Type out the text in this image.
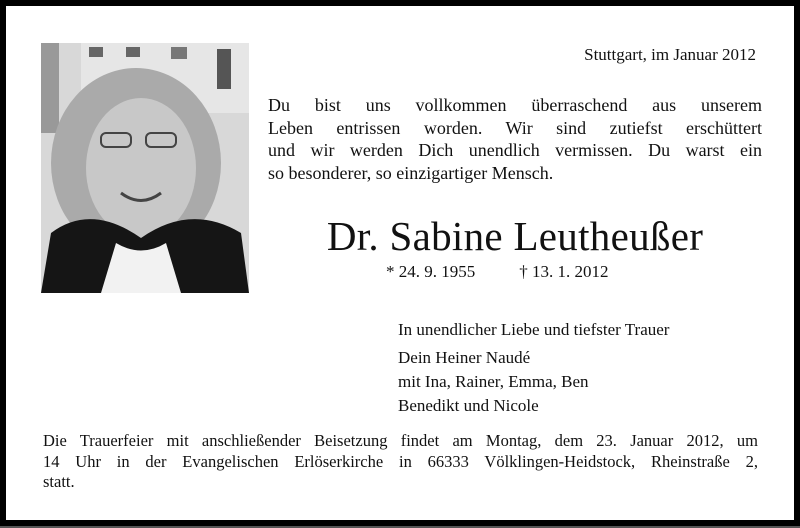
Stuttgart, im Januar 2012
Du bist uns vollkommen überraschend aus unserem
Leben entrissen worden. Wir sind zutiefst erschüttert
und wir werden Dich unendlich vermissen. Du warst ein
so besonderer, so einzigartiger Mensch.
Dr. Sabine Leutheußer
* 24. 9. 1955	† 13. 1. 2012
In unendlicher Liebe und tiefster Trauer
Dein Heiner Naudé
mit Ina, Rainer, Emma, Ben
Benedikt und Nicole
Die Trauerfeier mit anschließender Beisetzung findet am Montag, dem 23. Januar 2012, um
14 Uhr in der Evangelischen Erlöserkirche in 66333 Völklingen-Heidstock, Rheinstraße 2,
statt.
